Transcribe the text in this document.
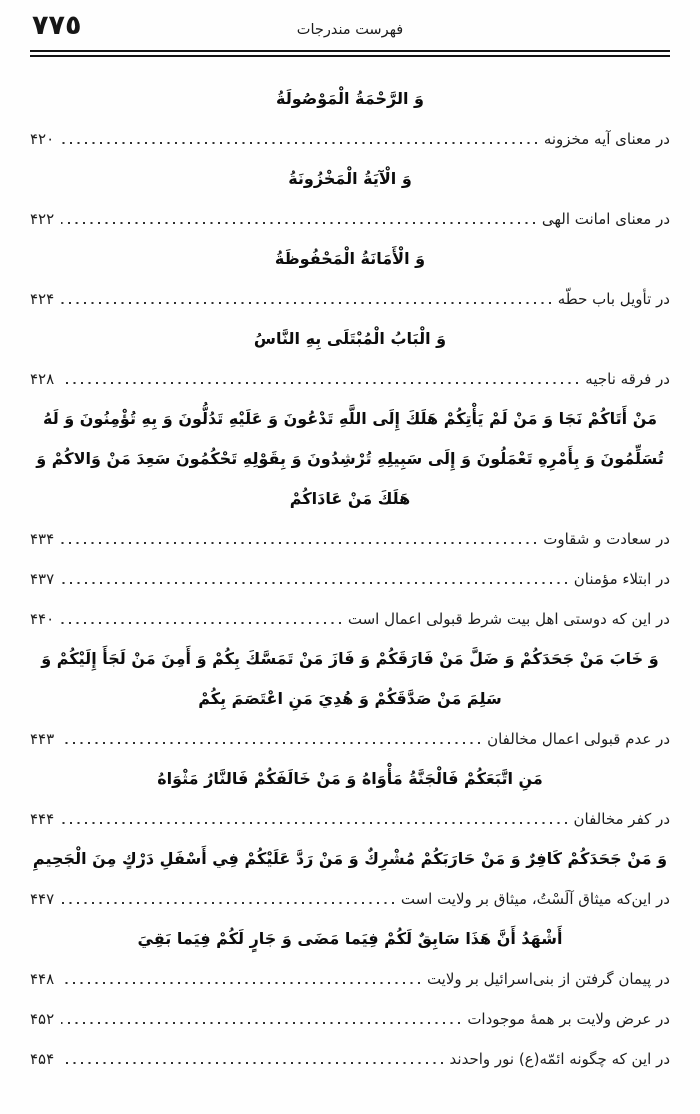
٧٧٥	فهرست مندرجات
وَ الرَّحْمَةُ الْمَوْصُولَةُ
در معنای آیه مخزونه
۴۲۰
وَ الْآيَةُ الْمَخْزُونَةُ
در معنای امانت الهی
۴۲۲
وَ الْأَمَانَةُ الْمَحْفُوظَةُ
در تأویل باب حطّه
۴۲۴
وَ الْبَابُ الْمُبْتَلَى بِهِ النَّاسُ
در فرقه ناجیه
۴۲۸
مَنْ أَتَاكُمْ نَجَا وَ مَنْ لَمْ يَأْتِكُمْ هَلَكَ إِلَى اللَّهِ تَدْعُونَ وَ عَلَيْهِ تَدُلُّونَ وَ بِهِ تُؤْمِنُونَ وَ لَهُ تُسَلِّمُونَ وَ بِأَمْرِهِ تَعْمَلُونَ وَ إِلَى سَبِيلِهِ تُرْشِدُونَ وَ بِقَوْلِهِ تَحْكُمُونَ سَعِدَ مَنْ وَالاكُمْ وَ هَلَكَ مَنْ عَادَاكُمْ
در سعادت و شقاوت
۴۳۴
در ابتلاء مؤمنان
۴۳۷
در این که دوستی اهل بیت شرط قبولی اعمال است
۴۴۰
وَ خَابَ مَنْ جَحَدَكُمْ وَ ضَلَّ مَنْ فَارَقَكُمْ وَ فَازَ مَنْ تَمَسَّكَ بِكُمْ وَ أَمِنَ مَنْ لَجَأَ إِلَيْكُمْ وَ سَلِمَ مَنْ صَدَّقَكُمْ وَ هُدِيَ مَنِ اعْتَصَمَ بِكُمْ
در عدم قبولی اعمال مخالفان
۴۴۳
مَنِ اتَّبَعَكُمْ فَالْجَنَّةُ مَأْوَاهُ وَ مَنْ خَالَفَكُمْ فَالنَّارُ مَثْوَاهُ
در کفر مخالفان
۴۴۴
وَ مَنْ جَحَدَكُمْ كَافِرٌ وَ مَنْ حَارَبَكُمْ مُشْرِكٌ وَ مَنْ رَدَّ عَلَيْكُمْ فِي أَسْفَلِ دَرْكٍ مِنَ الْجَحِيمِ
در این‌که میثاق آلَسْتُ، میثاق بر ولایت است
۴۴۷
أَشْهَدُ أَنَّ هَذَا سَابِقٌ لَكُمْ فِيَما مَضَى وَ جَارٍ لَكُمْ فِيَما بَقِيَ
در پیمان گرفتن از بنی‌اسرائیل بر ولایت
۴۴۸
در عرض ولایت بر همهٔ موجودات
۴۵۲
در این که چگونه ائمّه(ع) نور واحدند
۴۵۴
